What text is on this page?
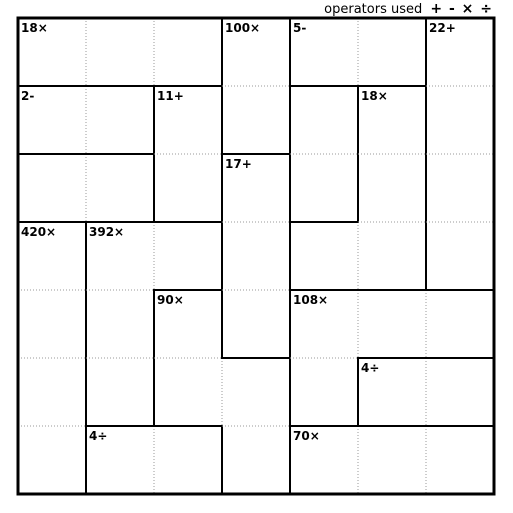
operators used + - × ÷
18×	100×	5-	22+
2-	11+	18×
17+
420×	392×
90×	108×
4÷
4÷	70×
